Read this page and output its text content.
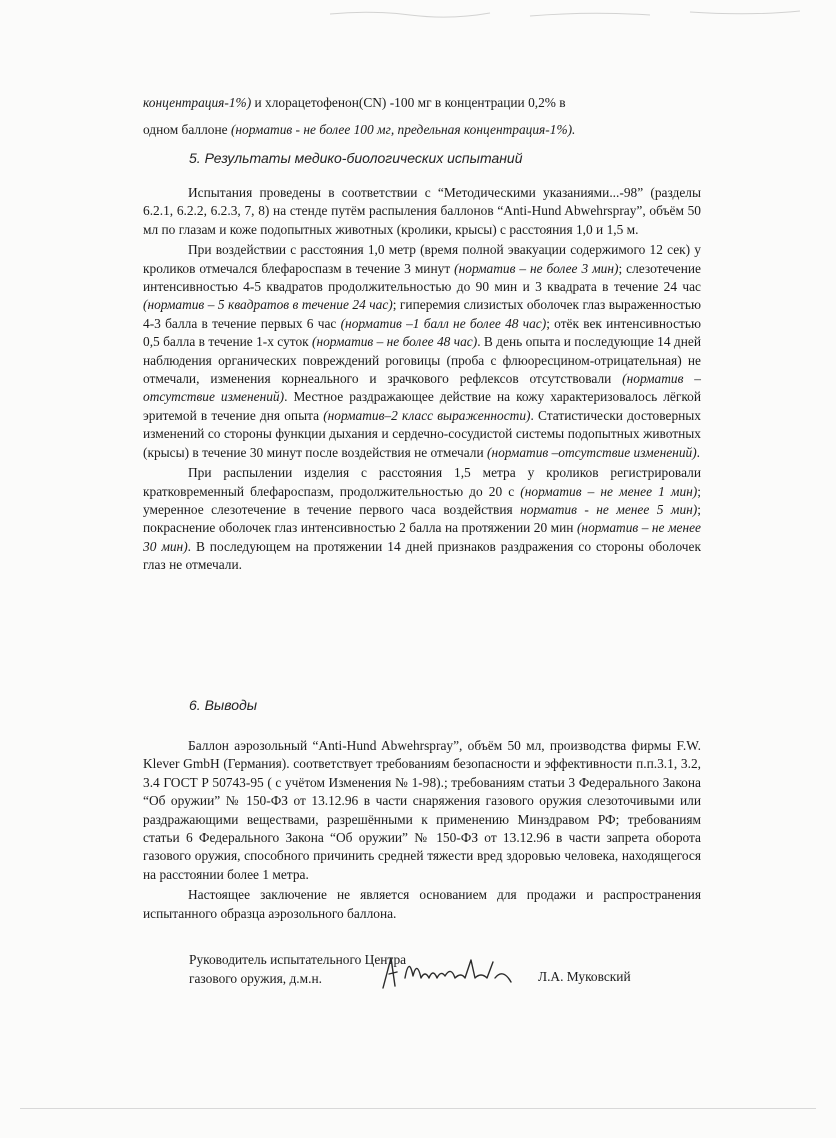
концентрация-1%) и хлорацетофенон(CN) -100 мг в концентрации 0,2% в
одном баллоне (норматив - не более 100 мг, предельная концентрация-1%).
5. Результаты медико-биологических испытаний
Испытания проведены в соответствии с “Методическими указаниями...-98” (разделы 6.2.1, 6.2.2, 6.2.3, 7, 8) на стенде путём распыления баллонов “Anti-Hund Abwehrspray”, объём 50 мл по глазам и коже подопытных животных (кролики, крысы) с расстояния 1,0 и 1,5 м.
При воздействии с расстояния 1,0 метр (время полной эвакуации содержимого 12 сек) у кроликов отмечался блефароспазм в течение 3 минут (норматив – не более 3 мин); слезотечение интенсивностью 4-5 квадратов продолжительностью до 90 мин и 3 квадрата в течение 24 час (норматив – 5 квадратов в течение 24 час); гиперемия слизистых оболочек глаз выраженностью 4-3 балла в течение первых 6 час (норматив –1 балл не более 48 час); отёк век интенсивностью 0,5 балла в течение 1-х суток (норматив – не более 48 час). В день опыта и последующие 14 дней наблюдения органических повреждений роговицы (проба с флюоресцином-отрицательная) не отмечали, изменения корнеального и зрачкового рефлексов отсутствовали (норматив – отсутствие изменений). Местное раздражающее действие на кожу характеризовалось лёгкой эритемой в течение дня опыта (норматив–2 класс выраженности). Статистически достоверных изменений со стороны функции дыхания и сердечно-сосудистой системы подопытных животных (крысы) в течение 30 минут после воздействия не отмечали (норматив –отсутствие изменений).
При распылении изделия с расстояния 1,5 метра у кроликов регистрировали кратковременный блефароспазм, продолжительностью до 20 с (норматив – не менее 1 мин); умеренное слезотечение в течение первого часа воздействия норматив - не менее 5 мин); покраснение оболочек глаз интенсивностью 2 балла на протяжении 20 мин (норматив – не менее 30 мин). В последующем на протяжении 14 дней признаков раздражения со стороны оболочек глаз не отмечали.
6. Выводы
Баллон аэрозольный “Anti-Hund Abwehrspray”, объём 50 мл, производства фирмы F.W. Klever GmbH (Германия). соответствует требованиям безопасности и эффективности п.п.3.1, 3.2, 3.4 ГОСТ Р 50743-95 ( с учётом Изменения № 1-98).; требованиям статьи 3 Федерального Закона “Об оружии” № 150-ФЗ от 13.12.96 в части снаряжения газового оружия слезоточивыми или раздражающими веществами, разрешёнными к применению Минздравом РФ; требованиям статьи 6 Федерального Закона “Об оружии” № 150-ФЗ от 13.12.96 в части запрета оборота газового оружия, способного причинить средней тяжести вред здоровью человека, находящегося на расстоянии более 1 метра.
Настоящее заключение не является основанием для продажи и распространения испытанного образца аэрозольного баллона.
Руководитель испытательного Центра
газового оружия, д.м.н.	Л.А. Муковский
